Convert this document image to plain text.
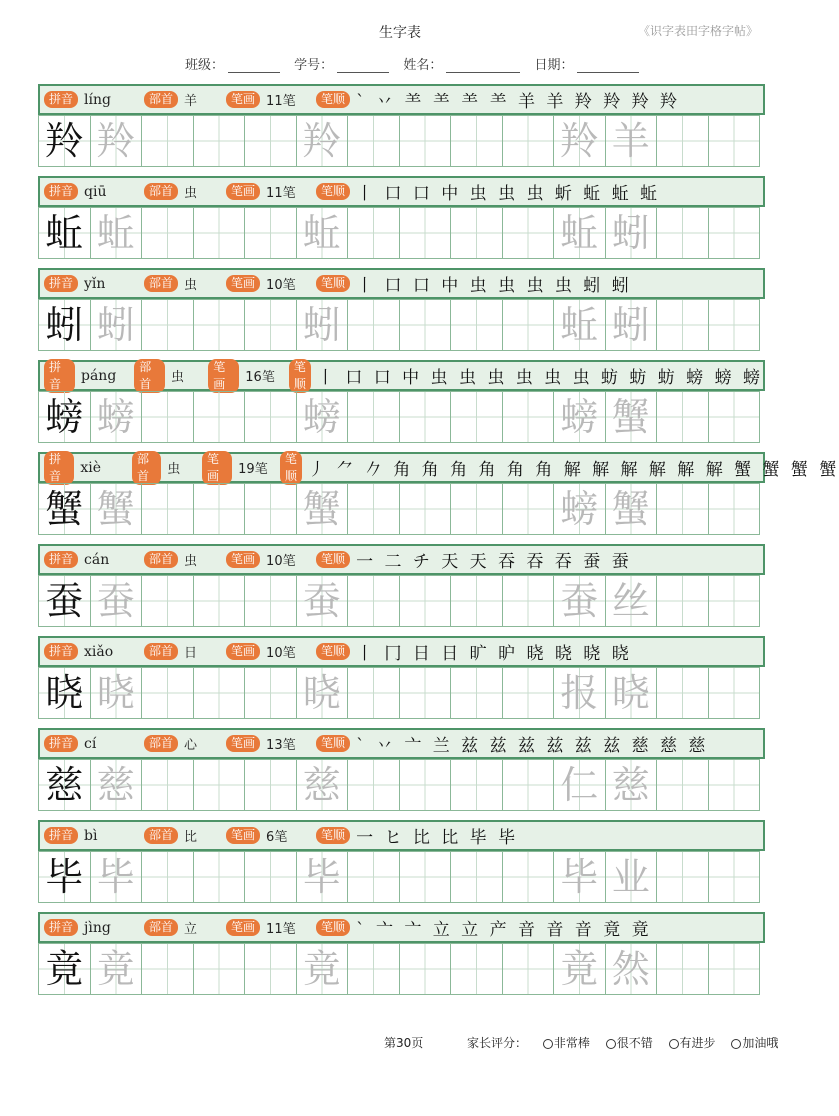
生字表	《识字表田字格字帖》
班级：	学号：	姓名：	日期：
拼音 líng	部首 羊	笔画 11笔	笔顺 ` 丷 ⺷ ⺷ ⺷ ⺷ 羊 羊 羚 羚 羚 羚
羚 羚	羚	羚 羊
拼音 qiū	部首 虫	笔画 11笔	笔顺 丨 口 口 中 虫 虫 虫 蚚 蚯 蚯 蚯
蚯 蚯	蚯	蚯 蚓
拼音 yǐn	部首 虫	笔画 10笔	笔顺 丨 口 口 中 虫 虫 虫 虫 蚓 蚓
蚓 蚓	蚓	蚯 蚓
拼音	páng
部首	虫
笔画	16笔
笔顺 丨 口 口 中 虫 虫 虫 虫 虫 虫 蚄 蚄 蚄 螃 螃 螃
螃 螃	螃	螃 蟹
拼音	xiè
部首	虫
笔画	19笔
笔顺 丿 ⺈ 𠂊 角 角 角 角 角 角 解 解 解 解 解 解 蟹 蟹 蟹 蟹
蟹 蟹	蟹	螃 蟹
拼音 cán	部首 虫	笔画 10笔	笔顺 一 二 チ 天 天 吞 吞 吞 蚕 蚕
蚕 蚕	蚕	蚕 丝
拼音 xiǎo	部首 日	笔画 10笔	笔顺 丨 冂 日 日 旷 昈 晓 晓 晓 晓
晓 晓	晓	报 晓
拼音 cí	部首 心	笔画 13笔	笔顺 ` 丷 亠 兰 兹 兹 兹 兹 兹 兹 慈 慈 慈
慈 慈	慈	仁 慈
拼音 bì	部首 比	笔画 6笔	笔顺 一 ヒ 比 比 毕 毕
毕 毕	毕	毕 业
拼音 jìng	部首 立	笔画 11笔	笔顺 ` 亠 亠 立 立 产 音 音 音 竟 竟
竟 竟	竟	竟 然
第30页	家长评分： 非常棒 很不错 有进步 加油哦
